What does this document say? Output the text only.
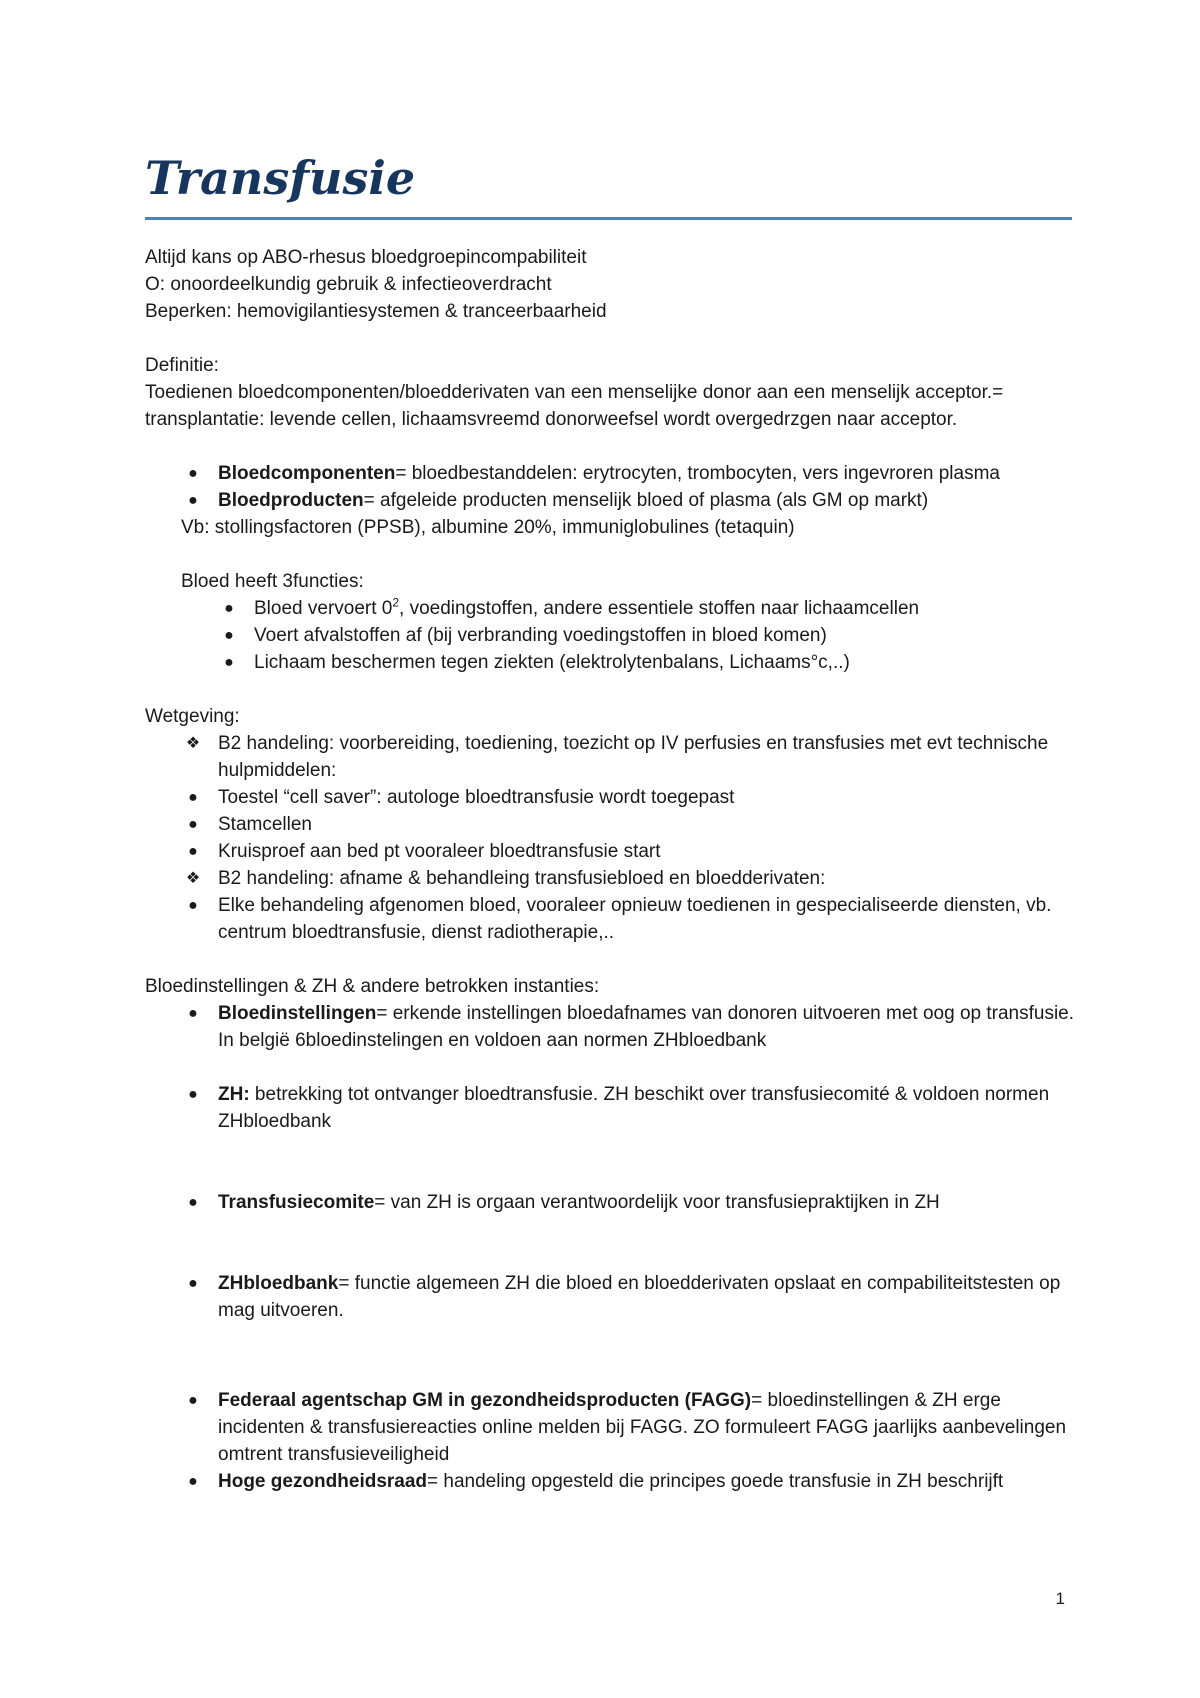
Transfusie

Altijd kans op ABO-rhesus bloedgroepincompabiliteit

O: onoordeelkundig gebruik & infectieoverdracht

Beperken: hemovigilantiesystemen & tranceerbaarheid

Definitie:

Toedienen bloedcomponenten/bloedderivaten van een menselijke donor aan een menselijk acceptor.= transplantatie: levende cellen, lichaamsvreemd donorweefsel wordt overgedrzgen naar acceptor.

● Bloedcomponenten= bloedbestanddelen: erytrocyten, trombocyten, vers ingevroren plasma
● Bloedproducten= afgeleide producten menselijk bloed of plasma (als GM op markt)

Vb: stollingsfactoren (PPSB), albumine 20%, immuniglobulines (tetaquin)

Bloed heeft 3functies:

● Bloed vervoert $0^2$, voedingstoffen, andere essentiele stoffen naar lichaamcellen
● Voert afvalstoffen af (bij verbranding voedingstoffen in bloed komen)
● Lichaam beschermen tegen ziekten (elektrolytenbalans, Lichaams°c,..)

Wetgeving:

❖ B2 handeling: voorbereiding, toediening, toezicht op IV perfusies en transfusies met evt technische hulpmiddelen:
● Toestel “cell saver”: autologe bloedtransfusie wordt toegepast
● Stamcellen
● Kruisproef aan bed pt vooraleer bloedtransfusie start
❖ B2 handeling: afname & behandleing transfusiebloed en bloedderivaten:
● Elke behandeling afgenomen bloed, vooraleer opnieuw toedienen in gespecialiseerde diensten, vb. centrum bloedtransfusie, dienst radiotherapie,..

Bloedinstellingen & ZH & andere betrokken instanties:

● Bloedinstellingen= erkende instellingen bloedafnames van donoren uitvoeren met oog op transfusie. In belgië 6bloedinstelingen en voldoen aan normen ZHbloedbank
● ZH: betrekking tot ontvanger bloedtransfusie. ZH beschikt over transfusiecomité & voldoen normen ZHbloedbank
● Transfusiecomite= van ZH is orgaan verantwoordelijk voor transfusiepraktijken in ZH
● ZHbloedbank= functie algemeen ZH die bloed en bloedderivaten opslaat en compabiliteitstesten op mag uitvoeren.
● Federaal agentschap GM in gezondheidsproducten (FAGG)= bloedinstellingen & ZH erge incidenten & transfusiereacties online melden bij FAGG. ZO formuleert FAGG jaarlijks aanbevelingen omtrent transfusieveiligheid
● Hoge gezondheidsraad= handeling opgesteld die principes goede transfusie in ZH beschrijft
1
